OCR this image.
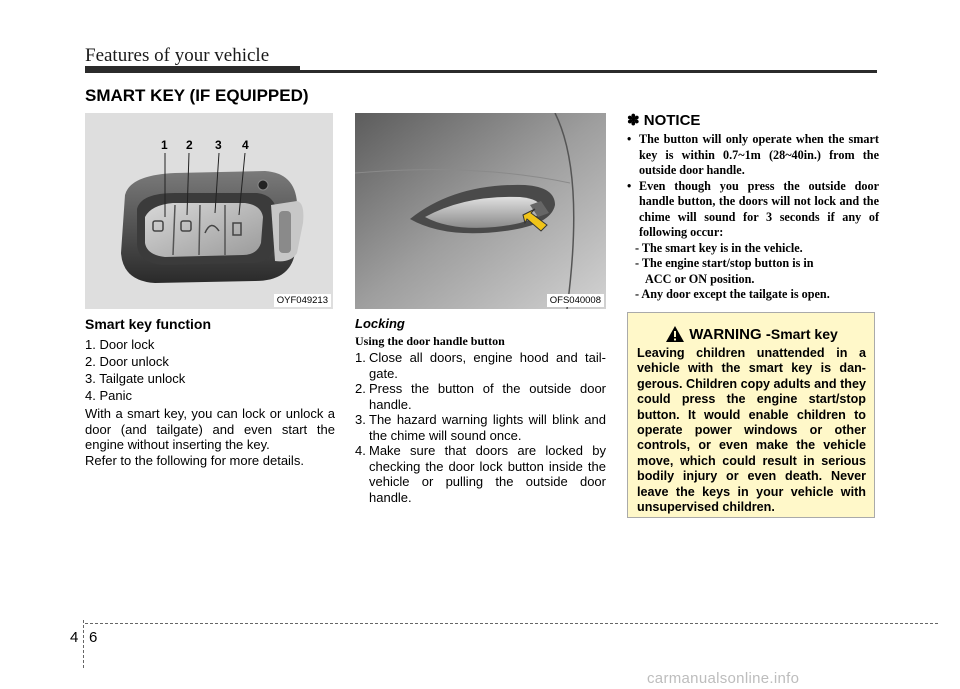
Features of your vehicle
SMART KEY (IF EQUIPPED)
1 2 3 4
OYF049213	OFS040008
Smart key function
1. Door lock
2. Door unlock
3. Tailgate unlock
4. Panic
With a smart key, you can lock or unlock a door (and tailgate) and even start the engine without inserting the key.
Refer to the following for more details.
Locking
Using the door handle button
1. Close all doors, engine hood and tail-gate.
2. Press the button of the outside door handle.
3. The hazard warning lights will blink and the chime will sound once.
4. Make sure that doors are locked by checking the door lock button inside the vehicle or pulling the outside door handle.
✽ NOTICE
• The button will only operate when the smart key is within 0.7~1m (28~40in.) from the outside door handle.
• Even though you press the outside door handle button, the doors will not lock and the chime will sound for 3 seconds if any of following occur:
- The smart key is in the vehicle.
- The engine start/stop button is in
ACC or ON position.
- Any door except the tailgate is open.
WARNING - Smart key

Leaving children unattended in a vehicle with the smart key is dan-gerous. Children copy adults and they could press the engine start/stop button. It would enable children to operate power windows or other controls, or even make the vehicle move, which could result in serious bodily injury or even death. Never leave the keys in your vehicle with unsupervised children.

4 6
carmanualsonline.info
